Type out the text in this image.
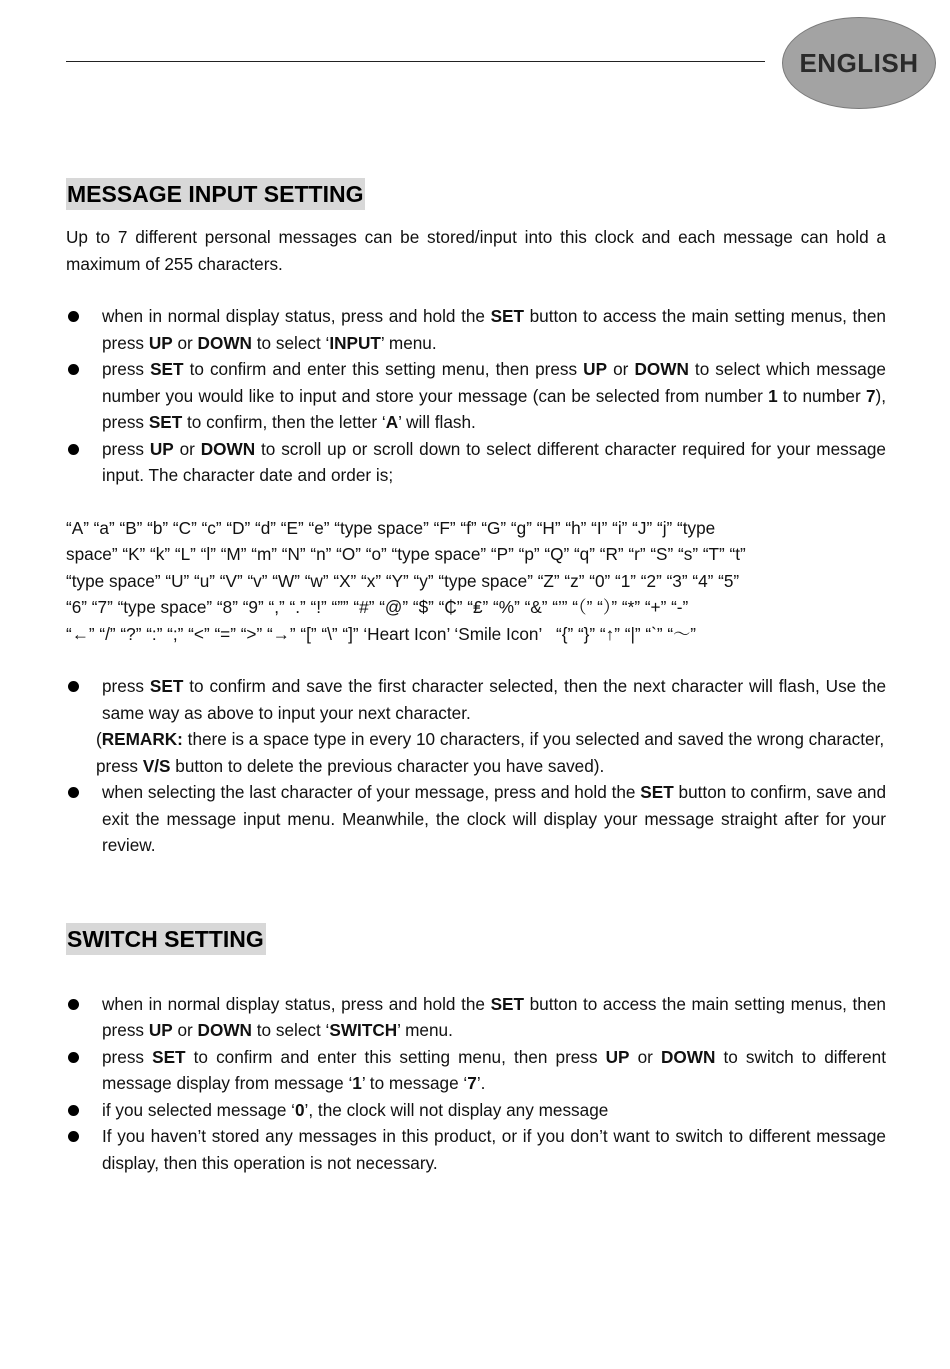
ENGLISH
MESSAGE INPUT SETTING

Up to 7 different personal messages can be stored/input into this clock and each message can hold a maximum of 255 characters.

when in normal display status, press and hold the SET button to access the main setting menus, then press UP or DOWN to select ‘INPUT’ menu.
press SET to confirm and enter this setting menu, then press UP or DOWN to select which message number you would like to input and store your message (can be selected from number 1 to number 7), press SET to confirm, then the letter ‘A’ will flash.
press UP or DOWN to scroll up or scroll down to select different character required for your message input. The character date and order is;

“A” “a” “B” “b” “C” “c” “D” “d” “E” “e” “type space” “F” “f” “G” “g” “H” “h” “I” “i” “J” “j” “type

space” “K” “k” “L” “l” “M” “m” “N” “n” “O” “o” “type space” “P” “p” “Q” “q” “R” “r” “S” “s” “T” “t”

“type space” “U” “u” “V” “v” “W” “w” “X” “x” “Y” “y” “type space” “Z” “z” “0” “1” “2” “3” “4” “5”

“6” “7” “type space” “8” “9” “,” “.” “!” “”” “#” “@” “$” “₵” “₤” “%” “&” “’” “（” “）” “*” “+” “-”

“←” “/” “?” “:” “;” “<” “=” “>” “→” “[” “\” “]” ‘Heart Icon’ ‘Smile Icon’   “{” “}” “↑” “|” “`” “～”

press SET to confirm and save the first character selected, then the next character will flash, Use the same way as above to input your next character.

(REMARK: there is a space type in every 10 characters, if you selected and saved the wrong character, press V/S button to delete the previous character you have saved).

when selecting the last character of your message, press and hold the SET button to confirm, save and exit the message input menu. Meanwhile, the clock will display your message straight after for your review.
SWITCH SETTING
when in normal display status, press and hold the SET button to access the main setting menus, then press UP or DOWN to select ‘SWITCH’ menu.
press SET to confirm and enter this setting menu, then press UP or DOWN to switch to different message display from message ‘1’ to message ‘7’.
if you selected message ‘0’, the clock will not display any message
If you haven’t stored any messages in this product, or if you don’t want to switch to different message display, then this operation is not necessary.
